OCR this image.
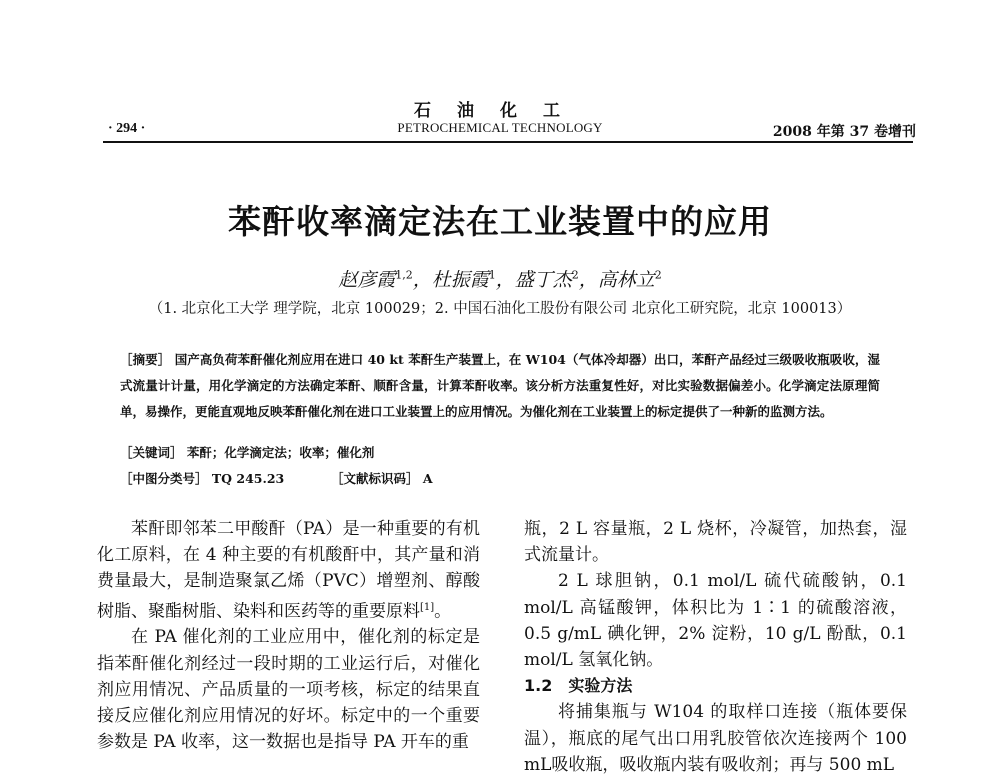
石油化工
· 294 ·	PETROCHEMICAL TECHNOLOGY	2008 年第 37 卷增刊
苯酐收率滴定法在工业装置中的应用
赵彦霞$^{1,2}$，杜振霞$^1$，盛丁杰$^2$，高林立$^2$
（1. 北京化工大学 理学院，北京 100029；2. 中国石油化工股份有限公司 北京化工研究院，北京 100013）
［摘要］ 国产高负荷苯酐催化剂应用在进口 40 kt 苯酐生产装置上，在 W104（气体冷却器）出口，苯酐产品经过三级吸收瓶吸收，湿式流量计计量，用化学滴定的方法确定苯酐、顺酐含量，计算苯酐收率。该分析方法重复性好，对比实验数据偏差小。化学滴定法原理简单，易操作，更能直观地反映苯酐催化剂在进口工业装置上的应用情况。为催化剂在工业装置上的标定提供了一种新的监测方法。
［关键词］ 苯酐；化学滴定法；收率；催化剂
［中图分类号］ TQ 245.23	［文献标识码］ A

苯酐即邻苯二甲酸酐（PA）是一种重要的有机化工原料，在 4 种主要的有机酸酐中，其产量和消费量最大，是制造聚氯乙烯（PVC）增塑剂、醇酸树脂、聚酯树脂、染料和医药等的重要原料[1]。

在 PA 催化剂的工业应用中，催化剂的标定是指苯酐催化剂经过一段时期的工业运行后，对催化剂应用情况、产品质量的一项考核，标定的结果直接反应催化剂应用情况的好坏。标定中的一个重要参数是 PA 收率，这一数据也是指导 PA 开车的重

瓶，2 L 容量瓶，2 L 烧杯，冷凝管，加热套，湿式流量计。

2 L 球胆钠，0.1 mol/L 硫代硫酸钠，0.1 mol/L 高锰酸钾，体积比为 1∶1 的硫酸溶液，0.5 g/mL 碘化钾，2% 淀粉，10 g/L 酚酞，0.1 mol/L 氢氧化钠。

1.2　实验方法

将捕集瓶与 W104 的取样口连接（瓶体要保温），瓶底的尾气出口用乳胶管依次连接两个 100 mL吸收瓶，吸收瓶内装有吸收剂；再与 500 mL
